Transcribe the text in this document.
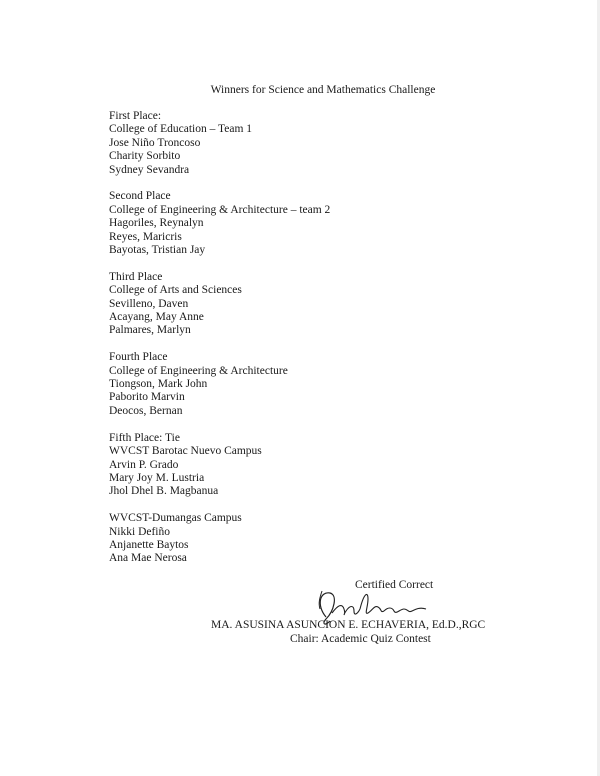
Winners for Science and Mathematics Challenge
First Place:
College of Education – Team 1
Jose Niño Troncoso
Charity Sorbito
Sydney Sevandra
Second Place
College of Engineering & Architecture – team 2
Hagoriles, Reynalyn
Reyes, Maricris
Bayotas, Tristian Jay
Third Place
College of Arts and Sciences
Sevilleno, Daven
Acayang, May Anne
Palmares, Marlyn
Fourth Place
College of Engineering & Architecture
Tiongson, Mark John
Paborito Marvin
Deocos, Bernan
Fifth Place: Tie
WVCST Barotac Nuevo Campus
Arvin P. Grado
Mary Joy M. Lustria
Jhol Dhel B. Magbanua
WVCST-Dumangas Campus
Nikki Defiño
Anjanette Baytos
Ana Mae Nerosa
Certified Correct
MA. ASUSINA ASUNCION E. ECHAVERIA, Ed.D.,RGC
Chair: Academic Quiz Contest
